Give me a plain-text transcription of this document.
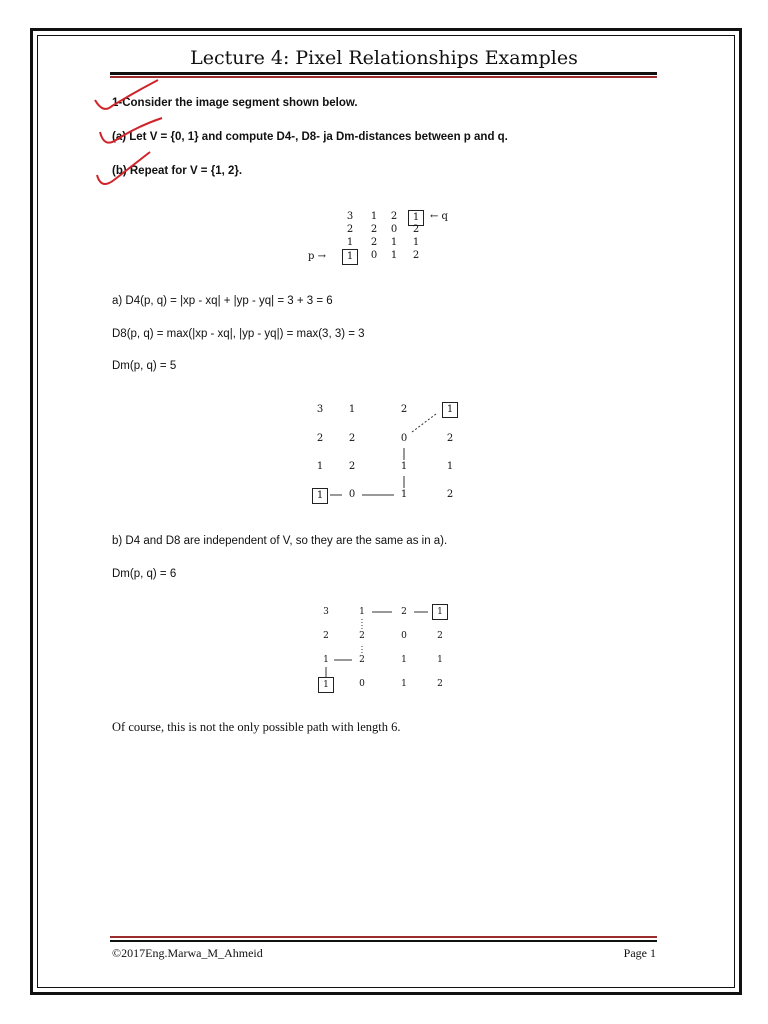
Lecture 4: Pixel Relationships Examples
1-Consider the image segment shown below.
(a) Let V = {0, 1} and compute D4-, D8- ja Dm-distances between p and q.
(b) Repeat for V = {1, 2}.
3	1	2	1	← q
2	2	0	2
1	2	1	1
p →	1	0	1	2
a) D4(p, q) = |xp - xq| + |yp - yq| = 3 + 3 = 6
D8(p, q) = max(|xp - xq|, |yp - yq|) = max(3, 3) = 3
Dm(p, q) = 5
3	1	2	1
2	2	0	2
1	2	1	1
1	0	1	2
b) D4 and D8 are independent of V, so they are the same as in a).
Dm(p, q) = 6
3	1	2	1
2	2	0	2
1	2	1	1
1	0	1	2
Of course, this is not the only possible path with length 6.
©2017Eng.Marwa_M_Ahmeid	Page 1
